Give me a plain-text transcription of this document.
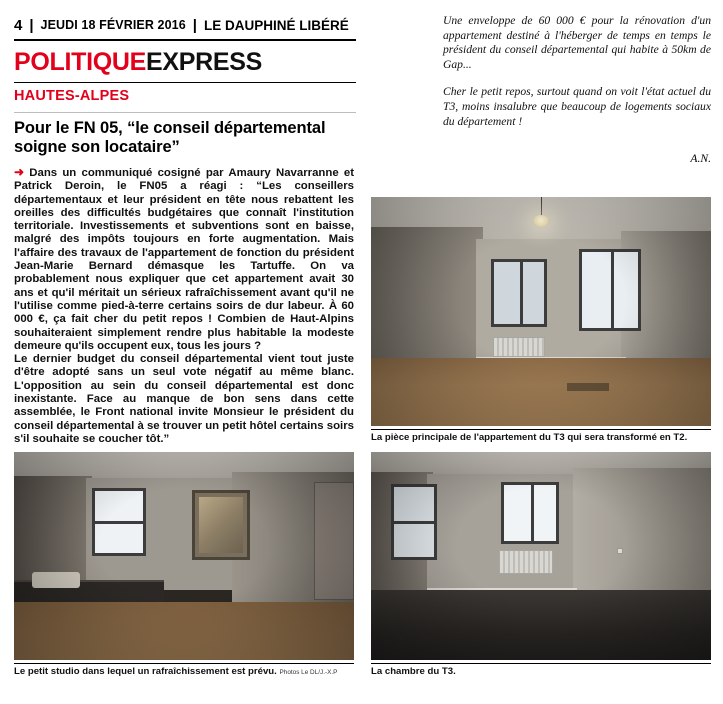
4 | JEUDI 18 FÉVRIER 2016 | LE DAUPHINÉ LIBÉRÉ
POLITIQUEEXPRESS
HAUTES-ALPES
Pour le FN 05, “le conseil départemental soigne son locataire”

➜ Dans un communiqué cosigné par Amaury Navarranne et Patrick Deroin, le FN05 a réagi : “Les conseillers départementaux et leur président en tête nous rebattent les oreilles des difficultés budgétaires que connaît l'institution territoriale. Investissements et subventions sont en baisse, malgré des impôts toujours en forte augmentation. Mais l'affaire des travaux de l'appartement de fonction du président Jean-Marie Bernard démasque les Tartuffe. On va probablement nous expliquer que cet appartement avait 30 ans et qu'il méritait un sérieux rafraîchissement avant qu'il ne l'utilise comme pied-à-terre certains soirs de dur labeur. À 60 000 €, ça fait cher du petit repos ! Combien de Haut-Alpins souhaiteraient simplement rendre plus habitable la modeste demeure qu'ils occupent eux, tous les jours ?

Le dernier budget du conseil départemental vient tout juste d'être adopté sans un seul vote négatif au même blanc. L'opposition au sein du conseil départemental est donc inexistante. Face au manque de bon sens dans cette assemblée, le Front national invite Monsieur le président du conseil départemental à se trouver un petit hôtel certains soirs s'il souhaite se coucher tôt.”

Une enveloppe de 60 000 € pour la rénovation d'un appartement destiné à l'héberger de temps en temps le président du conseil départemental qui habite à 50km de Gap...

Cher le petit repos, surtout quand on voit l'état actuel du T3, moins insalubre que beaucoup de logements sociaux du département !

A.N.
La pièce principale de l'appartement du T3 qui sera transformé en T2.
Le petit studio dans lequel un rafraîchissement est prévu. Photos Le DL/J.-X.P	La chambre du T3.
